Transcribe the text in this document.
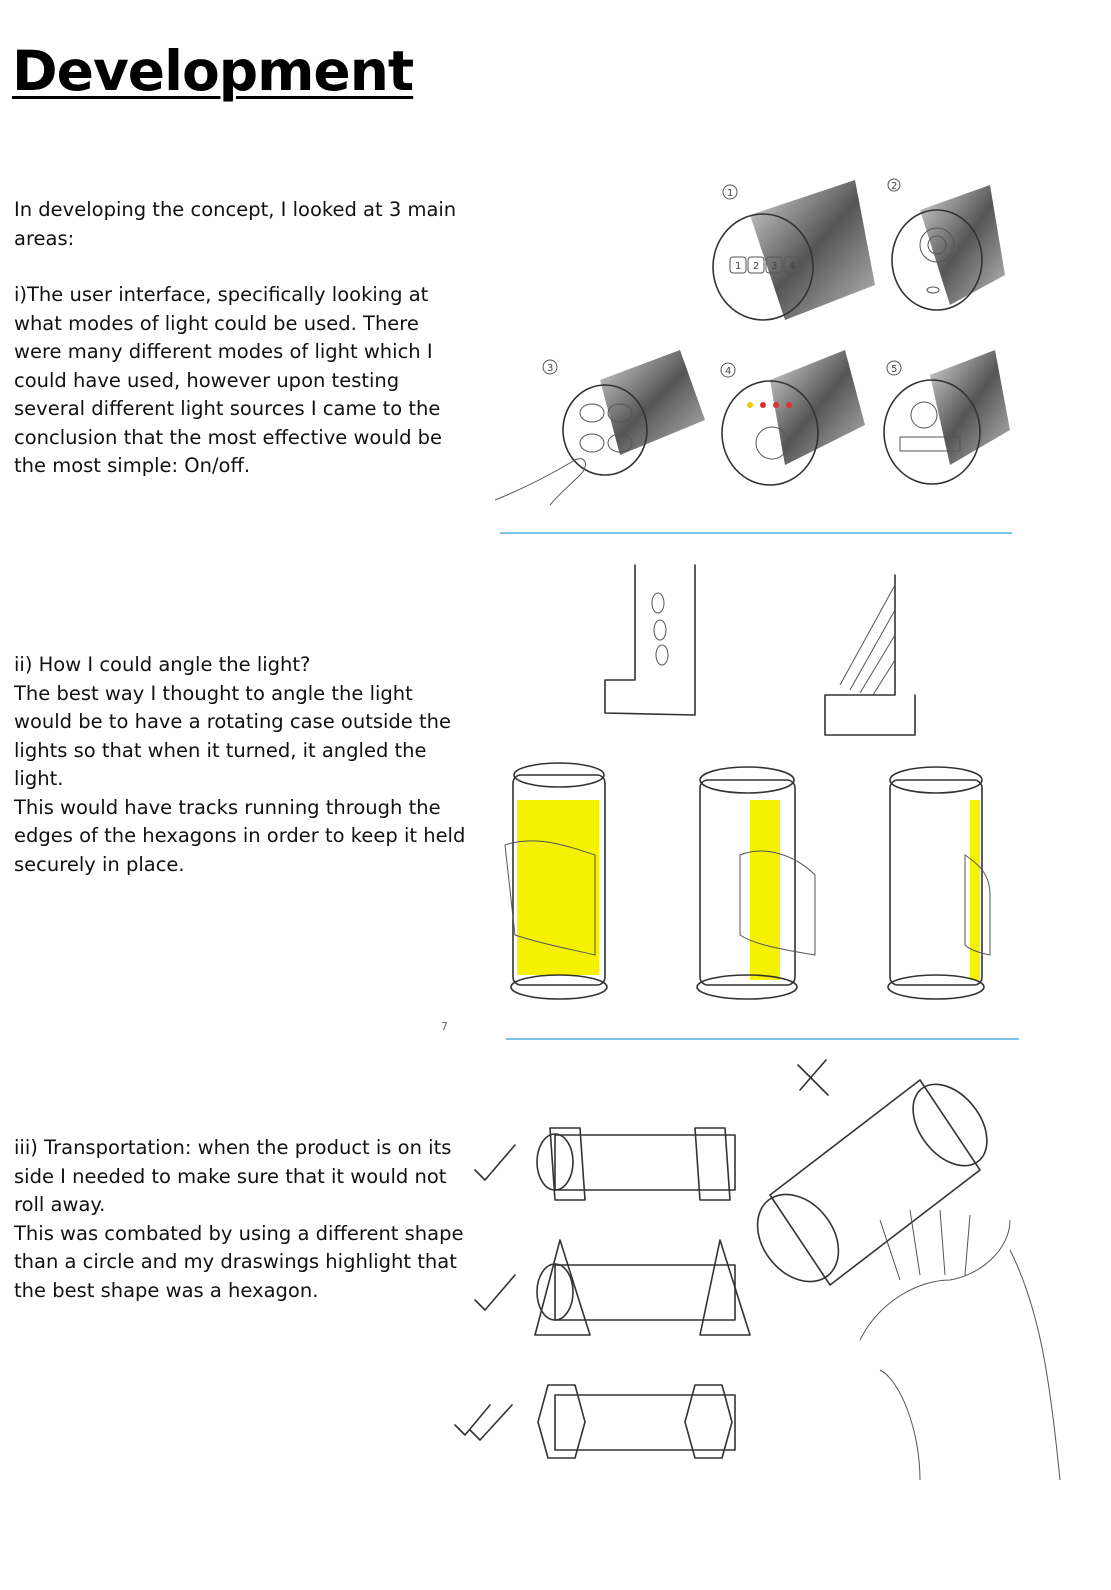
Development

In developing the concept, I looked at 3 main areas:

i)The user interface, specifically looking at what modes of light could be used. There were many different modes of light which I could have used, however upon testing several different light sources I came to the conclusion that the most effective would be the most simple: On/off.

1
1 2 3 4
2
3	4	5

ii) How I could angle the light?

The best way I thought to angle the light would be to have a rotating case outside the lights so that when it turned, it angled the light.

This would have tracks running through the edges of the hexagons in order to keep it held securely in place.

7

iii) Transportation: when the product is on its side I needed to make sure that it would not roll away.

This was combated by using a different shape than a circle and my draswings highlight that the best shape was a hexagon.
